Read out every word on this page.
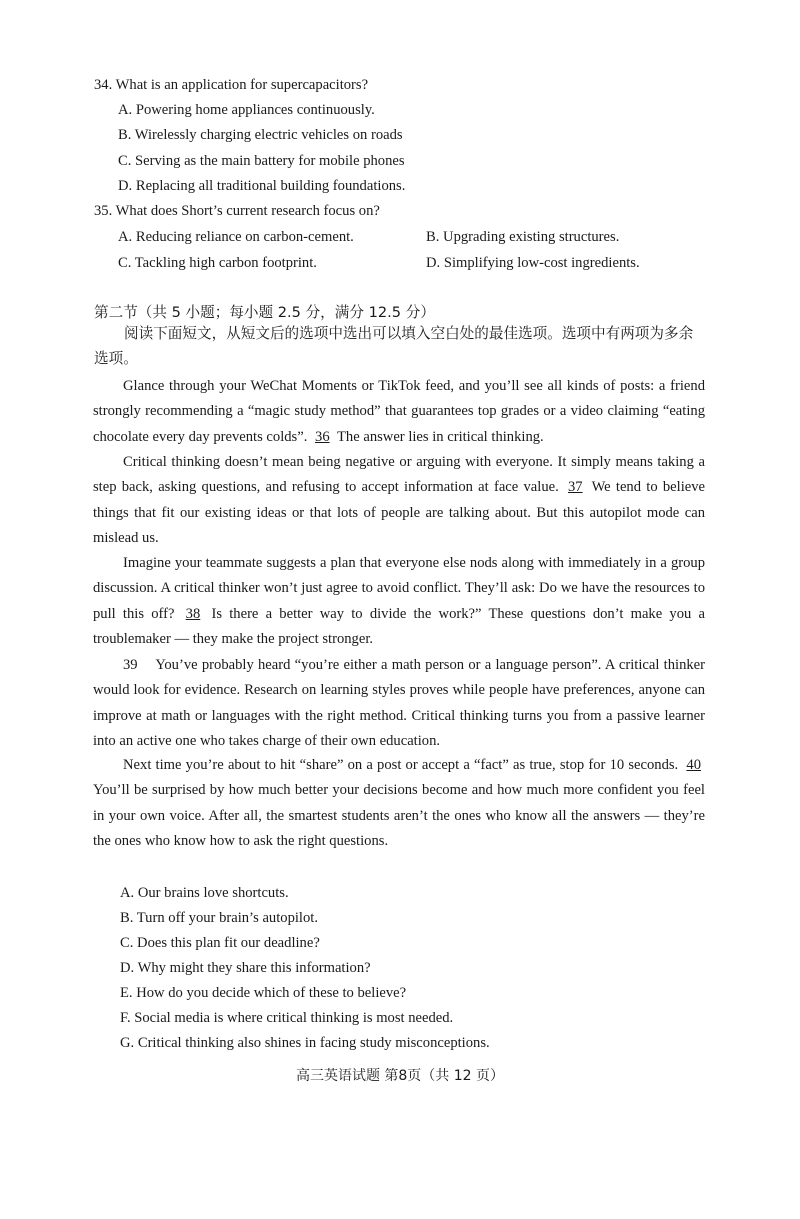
34. What is an application for supercapacitors?
A. Powering home appliances continuously.
B. Wirelessly charging electric vehicles on roads
C. Serving as the main battery for mobile phones
D. Replacing all traditional building foundations.
35. What does Short’s current research focus on?
A. Reducing reliance on carbon-cement.	B. Upgrading existing structures.
C. Tackling high carbon footprint.	D. Simplifying low-cost ingredients.
第二节（共 5 小题；每小题 2.5 分，满分 12.5 分）
阅读下面短文，从短文后的选项中选出可以填入空白处的最佳选项。选项中有两项为多余选项。
Glance through your WeChat Moments or TikTok feed, and you’ll see all kinds of posts: a friend strongly recommending a “magic study method” that guarantees top grades or a video claiming “eating chocolate every day prevents colds”. 36 The answer lies in critical thinking.
Critical thinking doesn’t mean being negative or arguing with everyone. It simply means taking a step back, asking questions, and refusing to accept information at face value. 37 We tend to believe things that fit our existing ideas or that lots of people are talking about. But this autopilot mode can mislead us.
Imagine your teammate suggests a plan that everyone else nods along with immediately in a group discussion. A critical thinker won’t just agree to avoid conflict. They’ll ask: Do we have the resources to pull this off? 38 Is there a better way to divide the work?” These questions don’t make you a troublemaker — they make the project stronger.
39 You’ve probably heard “you’re either a math person or a language person”. A critical thinker would look for evidence. Research on learning styles proves while people have preferences, anyone can improve at math or languages with the right method. Critical thinking turns you from a passive learner into an active one who takes charge of their own education.
Next time you’re about to hit “share” on a post or accept a “fact” as true, stop for 10 seconds. 40 You’ll be surprised by how much better your decisions become and how much more confident you feel in your own voice. After all, the smartest students aren’t the ones who know all the answers — they’re the ones who know how to ask the right questions.
A. Our brains love shortcuts.
B. Turn off your brain’s autopilot.
C. Does this plan fit our deadline?
D. Why might they share this information?
E. How do you decide which of these to believe?
F. Social media is where critical thinking is most needed.
G. Critical thinking also shines in facing study misconceptions.
高三英语试题 第8页（共 12 页）
